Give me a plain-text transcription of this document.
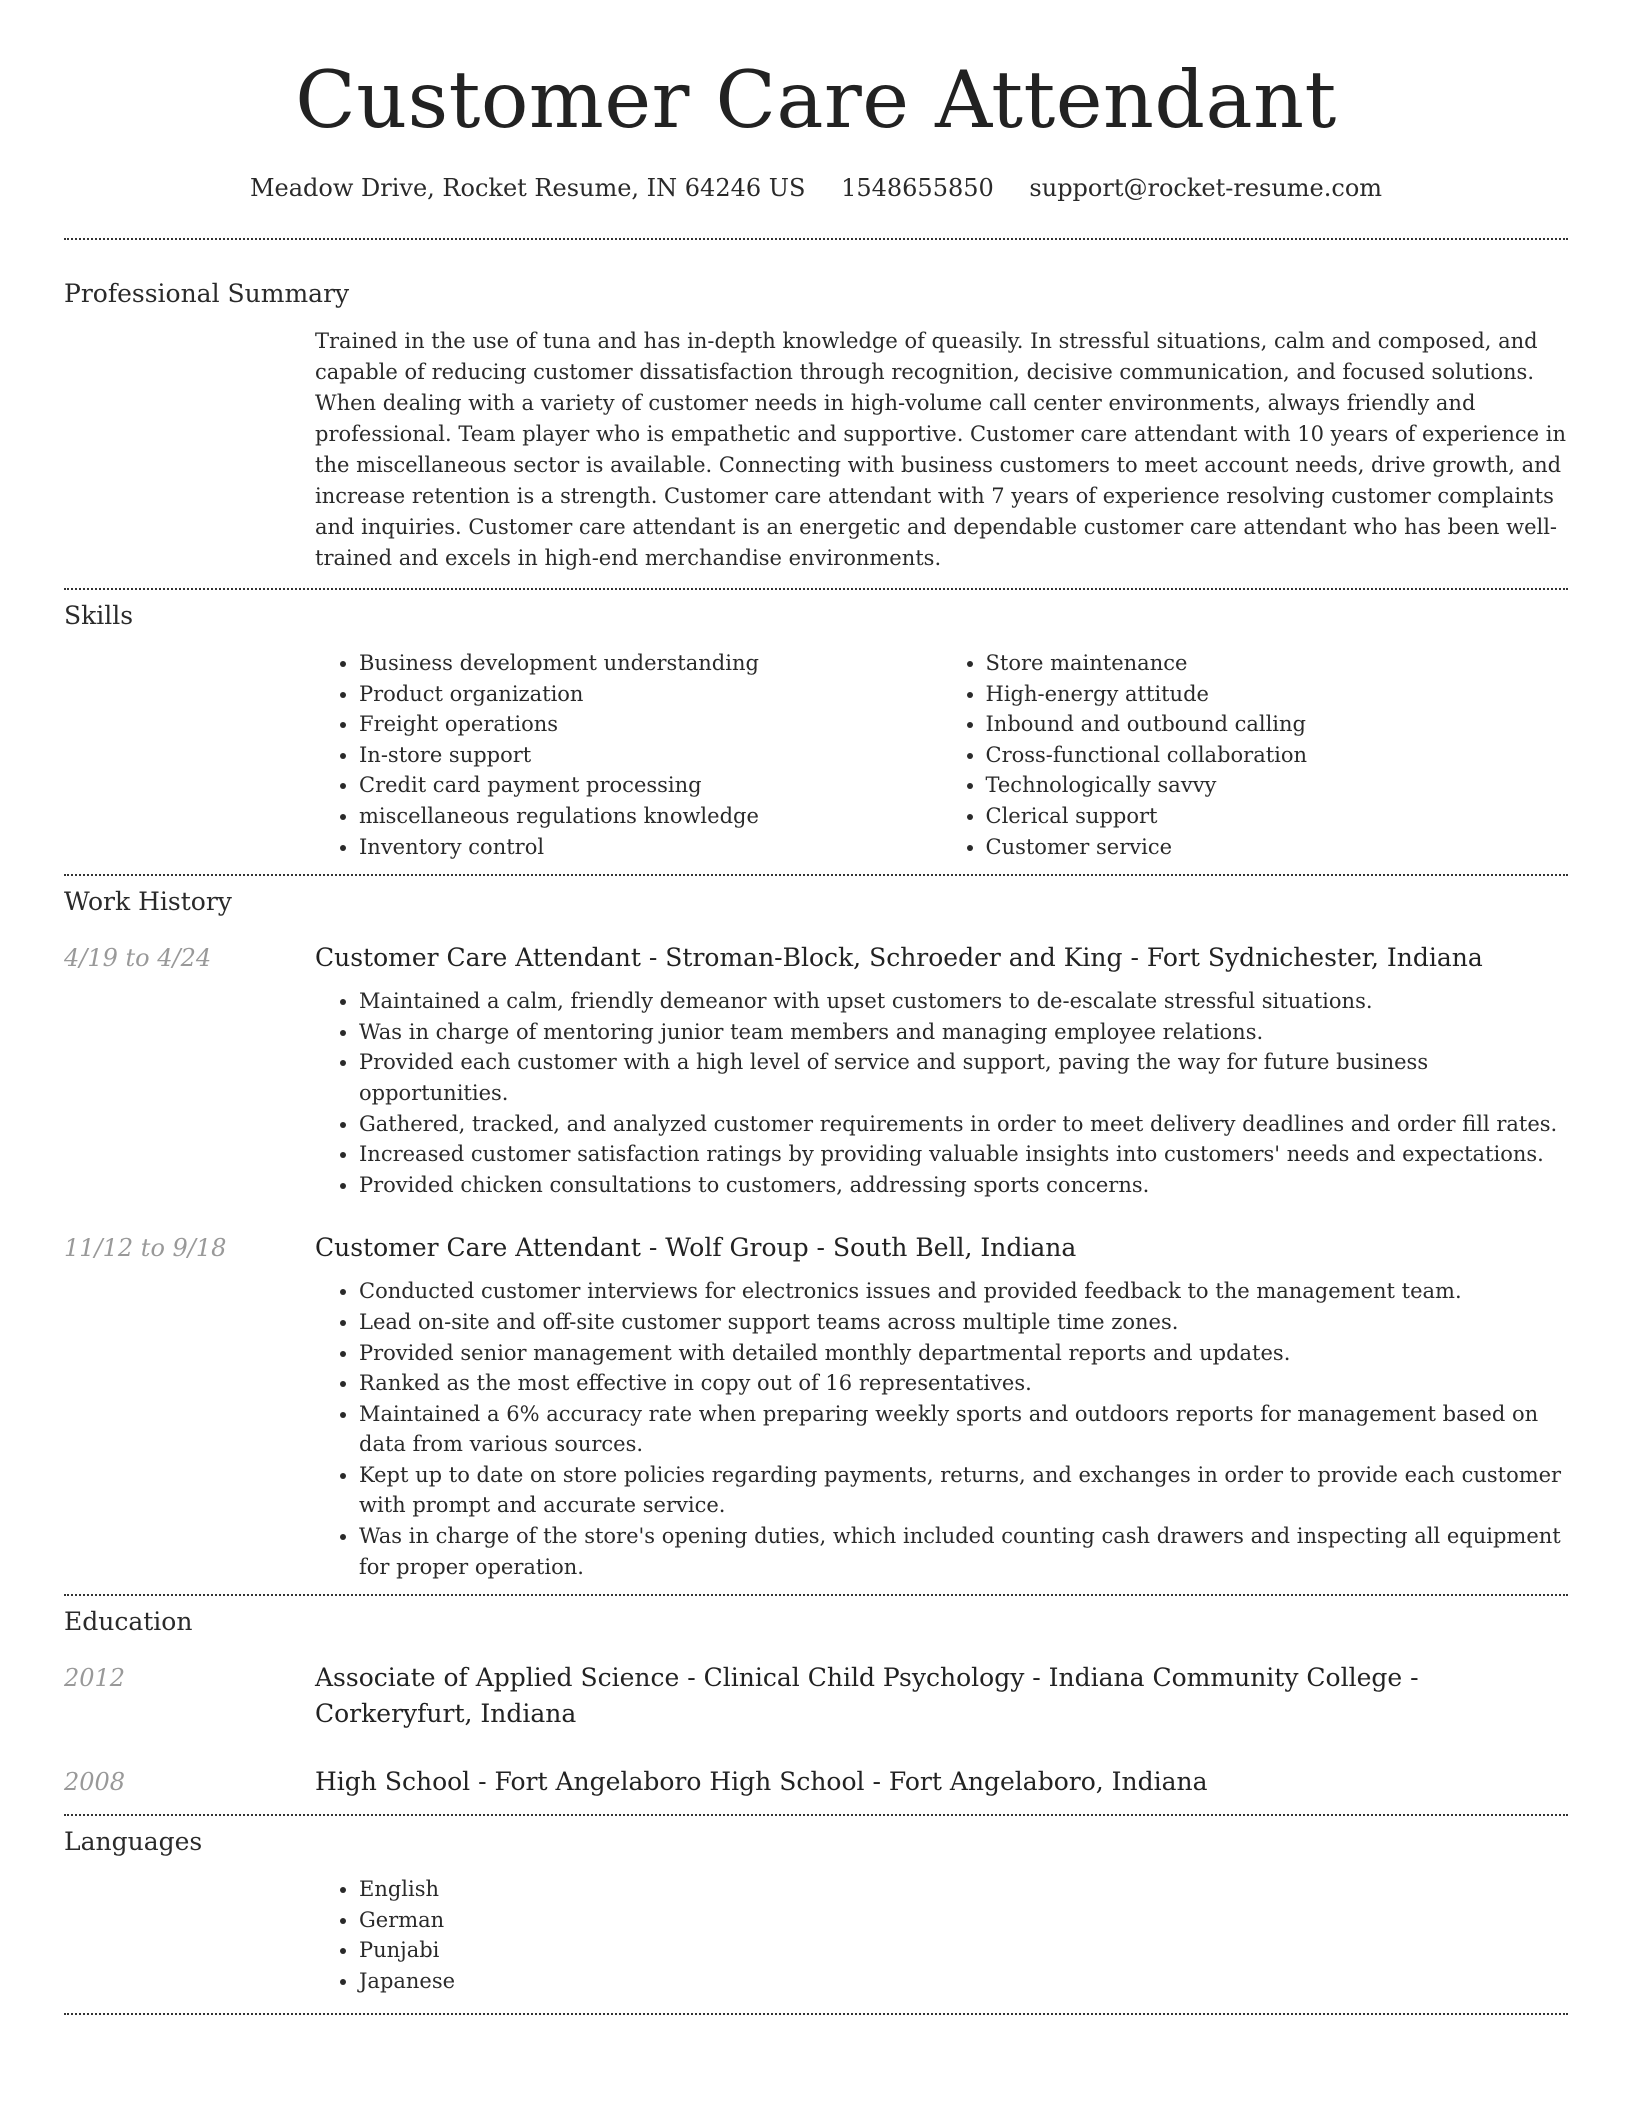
Customer Care Attendant
Meadow Drive, Rocket Resume, IN 64246 US 1548655850 support@rocket-resume.com
Professional Summary

Trained in the use of tuna and has in-depth knowledge of queasily. In stressful situations, calm and composed, and capable of reducing customer dissatisfaction through recognition, decisive communication, and focused solutions. When dealing with a variety of customer needs in high-volume call center environments, always friendly and professional. Team player who is empathetic and supportive. Customer care attendant with 10 years of experience in the miscellaneous sector is available. Connecting with business customers to meet account needs, drive growth, and increase retention is a strength. Customer care attendant with 7 years of experience resolving customer complaints and inquiries. Customer care attendant is an energetic and dependable customer care attendant who has been well-trained and excels in high-end merchandise environments.

Skills
• Business development understanding
• Product organization
• Freight operations
• In-store support
• Credit card payment processing
• miscellaneous regulations knowledge
• Inventory control
• Store maintenance
• High-energy attitude
• Inbound and outbound calling
• Cross-functional collaboration
• Technologically savvy
• Clerical support
• Customer service
Work History
4/19 to 4/24	Customer Care Attendant - Stroman-Block, Schroeder and King - Fort Sydnichester, Indiana
• Maintained a calm, friendly demeanor with upset customers to de-escalate stressful situations.
• Was in charge of mentoring junior team members and managing employee relations.
• Provided each customer with a high level of service and support, paving the way for future business opportunities.
• Gathered, tracked, and analyzed customer requirements in order to meet delivery deadlines and order fill rates.
• Increased customer satisfaction ratings by providing valuable insights into customers' needs and expectations.
• Provided chicken consultations to customers, addressing sports concerns.
11/12 to 9/18	Customer Care Attendant - Wolf Group - South Bell, Indiana
• Conducted customer interviews for electronics issues and provided feedback to the management team.
• Lead on-site and off-site customer support teams across multiple time zones.
• Provided senior management with detailed monthly departmental reports and updates.
• Ranked as the most effective in copy out of 16 representatives.
• Maintained a 6% accuracy rate when preparing weekly sports and outdoors reports for management based on data from various sources.
• Kept up to date on store policies regarding payments, returns, and exchanges in order to provide each customer with prompt and accurate service.
• Was in charge of the store's opening duties, which included counting cash drawers and inspecting all equipment for proper operation.
Education
2012	Associate of Applied Science - Clinical Child Psychology - Indiana Community College - Corkeryfurt, Indiana
2008	High School - Fort Angelaboro High School - Fort Angelaboro, Indiana
Languages
• English
• German
• Punjabi
• Japanese
